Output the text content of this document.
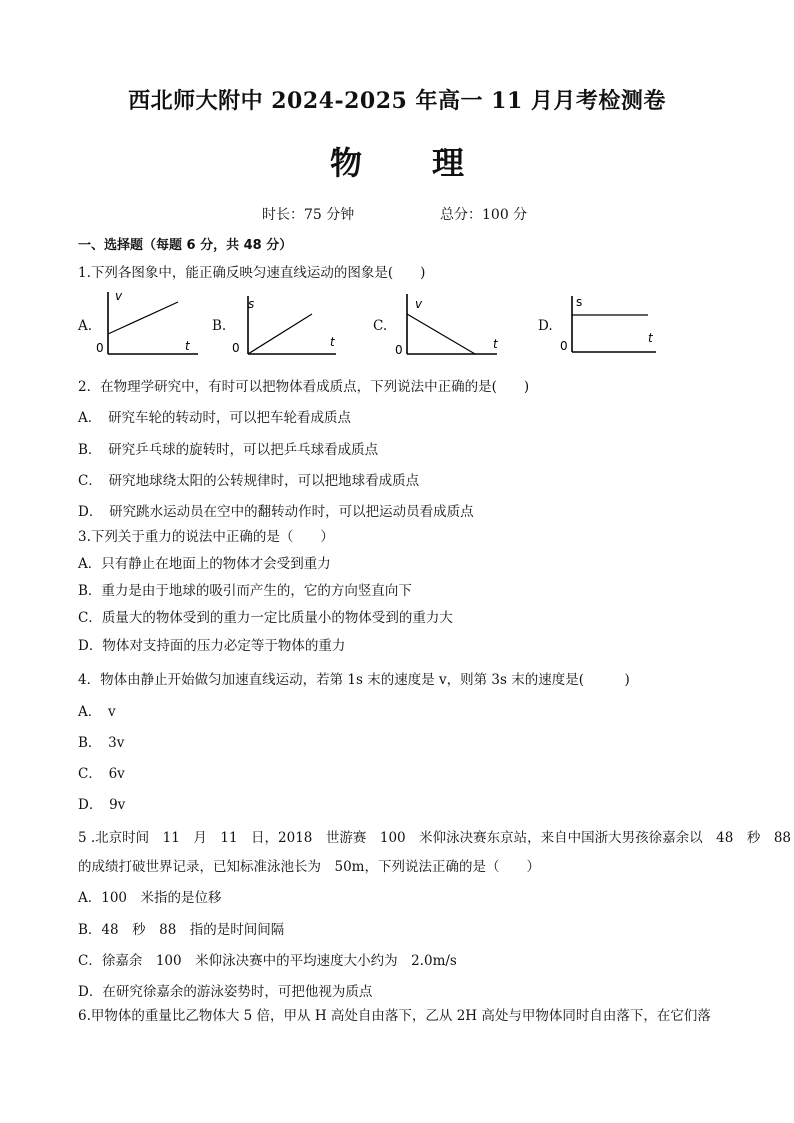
西北师大附中 2024-2025 年高一 11 月月考检测卷
物理
时长：75 分钟	总分：100 分
一、选择题（每题 6 分，共 48 分）
1.下列各图象中，能正确反映匀速直线运动的图象是(　　)
A.
v
t
0
B.
s
t
0
C.
v
t
0
D.
s
t
0
2．在物理学研究中，有时可以把物体看成质点，下列说法中正确的是(　　)
A．　研究车轮的转动时，可以把车轮看成质点
B．　研究乒乓球的旋转时，可以把乒乓球看成质点
C．　研究地球绕太阳的公转规律时，可以把地球看成质点
D．　研究跳水运动员在空中的翻转动作时，可以把运动员看成质点
3.下列关于重力的说法中正确的是（　　）
A．只有静止在地面上的物体才会受到重力
B．重力是由于地球的吸引而产生的，它的方向竖直向下
C．质量大的物体受到的重力一定比质量小的物体受到的重力大
D．物体对支持面的压力必定等于物体的重力
4．物体由静止开始做匀加速直线运动，若第 1s 末的速度是 v，则第 3s 末的速度是(　　　)
A．　v
B．　3v
C．　6v
D．　9v
5 .北京时间　11　月　11　日，2018　世游赛　100　米仰泳决赛东京站，来自中国浙大男孩徐嘉余以　48　秒　88
的成绩打破世界记录，已知标准泳池长为　50m，下列说法正确的是（　　）
A．100　米指的是位移
B．48　秒　88　指的是时间间隔
C．徐嘉余　100　米仰泳决赛中的平均速度大小约为　2.0m/s
D．在研究徐嘉余的游泳姿势时，可把他视为质点
6.甲物体的重量比乙物体大 5 倍，甲从 H 高处自由落下，乙从 2H 高处与甲物体同时自由落下，在它们落
